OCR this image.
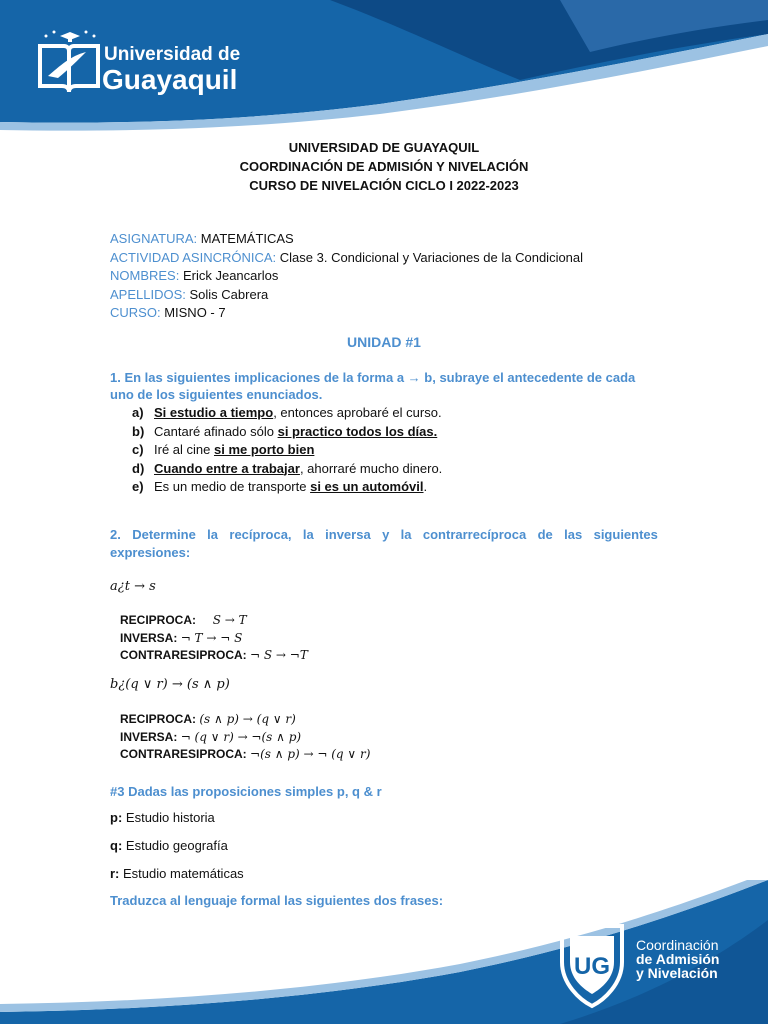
Universidad de
Guayaquil
UNIVERSIDAD DE GUAYAQUIL
COORDINACIÓN DE ADMISIÓN Y NIVELACIÓN
CURSO DE NIVELACIÓN CICLO I 2022-2023
ASIGNATURA: MATEMÁTICAS
ACTIVIDAD ASINCRÓNICA: Clase 3. Condicional y Variaciones de la Condicional
NOMBRES: Erick Jeancarlos
APELLIDOS: Solis Cabrera
CURSO: MISNO - 7
UNIDAD #1
1. En las siguientes implicaciones de la forma a → b, subraye el antecedente de cada uno de los siguientes enunciados.
a) Si estudio a tiempo, entonces aprobaré el curso.
b) Cantaré afinado sólo si practico todos los días.
c) Iré al cine si me porto bien
d) Cuando entre a trabajar, ahorraré mucho dinero.
e) Es un medio de transporte si es un automóvil.
2. Determine la recíproca, la inversa y la contrarrecíproca de las siguientes
expresiones:
a¿t → s
RECIPROCA: S → T
INVERSA: ¬ T → ¬ S
CONTRARESIPROCA: ¬ S → ¬T
b¿(q ∨ r) → (s ∧ p)
RECIPROCA: (s ∧ p) → (q ∨ r)
INVERSA: ¬ (q ∨ r) → ¬(s ∧ p)
CONTRARESIPROCA: ¬(s ∧ p) → ¬ (q ∨ r)
#3 Dadas las proposiciones simples p, q & r
p: Estudio historia
q: Estudio geografía
r: Estudio matemáticas
Traduzca al lenguaje formal las siguientes dos frases:
UG
Coordinación
de Admisión
y Nivelación
